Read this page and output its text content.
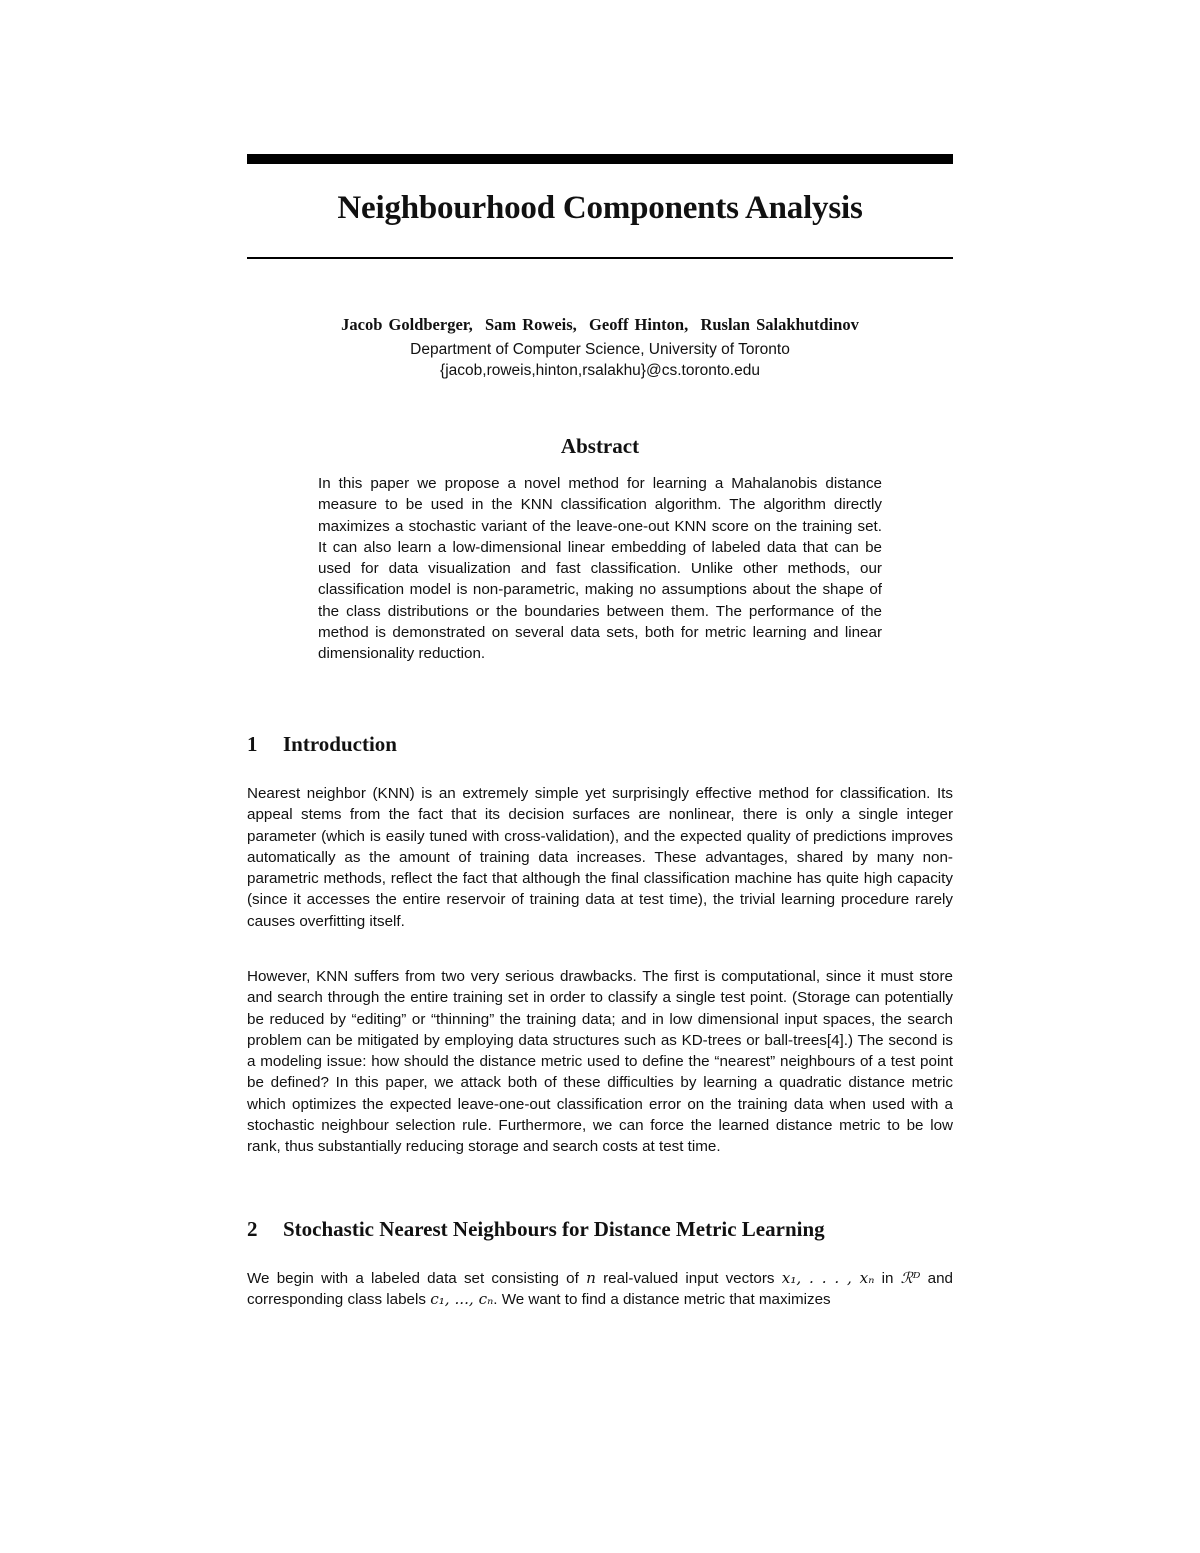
Neighbourhood Components Analysis
Jacob Goldberger,  Sam Roweis,  Geoff Hinton,  Ruslan Salakhutdinov
Department of Computer Science, University of Toronto
{jacob,roweis,hinton,rsalakhu}@cs.toronto.edu
Abstract
In this paper we propose a novel method for learning a Mahalanobis distance measure to be used in the KNN classification algorithm. The algorithm directly maximizes a stochastic variant of the leave-one-out KNN score on the training set. It can also learn a low-dimensional linear embedding of labeled data that can be used for data visualization and fast classification. Unlike other methods, our classification model is non-parametric, making no assumptions about the shape of the class distributions or the boundaries between them. The performance of the method is demonstrated on several data sets, both for metric learning and linear dimensionality reduction.
1 Introduction

Nearest neighbor (KNN) is an extremely simple yet surprisingly effective method for classification. Its appeal stems from the fact that its decision surfaces are nonlinear, there is only a single integer parameter (which is easily tuned with cross-validation), and the expected quality of predictions improves automatically as the amount of training data increases. These advantages, shared by many non-parametric methods, reflect the fact that although the final classification machine has quite high capacity (since it accesses the entire reservoir of training data at test time), the trivial learning procedure rarely causes overfitting itself.

However, KNN suffers from two very serious drawbacks. The first is computational, since it must store and search through the entire training set in order to classify a single test point. (Storage can potentially be reduced by “editing” or “thinning” the training data; and in low dimensional input spaces, the search problem can be mitigated by employing data structures such as KD-trees or ball-trees[4].) The second is a modeling issue: how should the distance metric used to define the “nearest” neighbours of a test point be defined? In this paper, we attack both of these difficulties by learning a quadratic distance metric which optimizes the expected leave-one-out classification error on the training data when used with a stochastic neighbour selection rule. Furthermore, we can force the learned distance metric to be low rank, thus substantially reducing storage and search costs at test time.

2 Stochastic Nearest Neighbours for Distance Metric Learning

We begin with a labeled data set consisting of n real-valued input vectors x₁, . . . , xₙ in ℛᴰ and corresponding class labels c₁, ..., cₙ. We want to find a distance metric that maximizes
